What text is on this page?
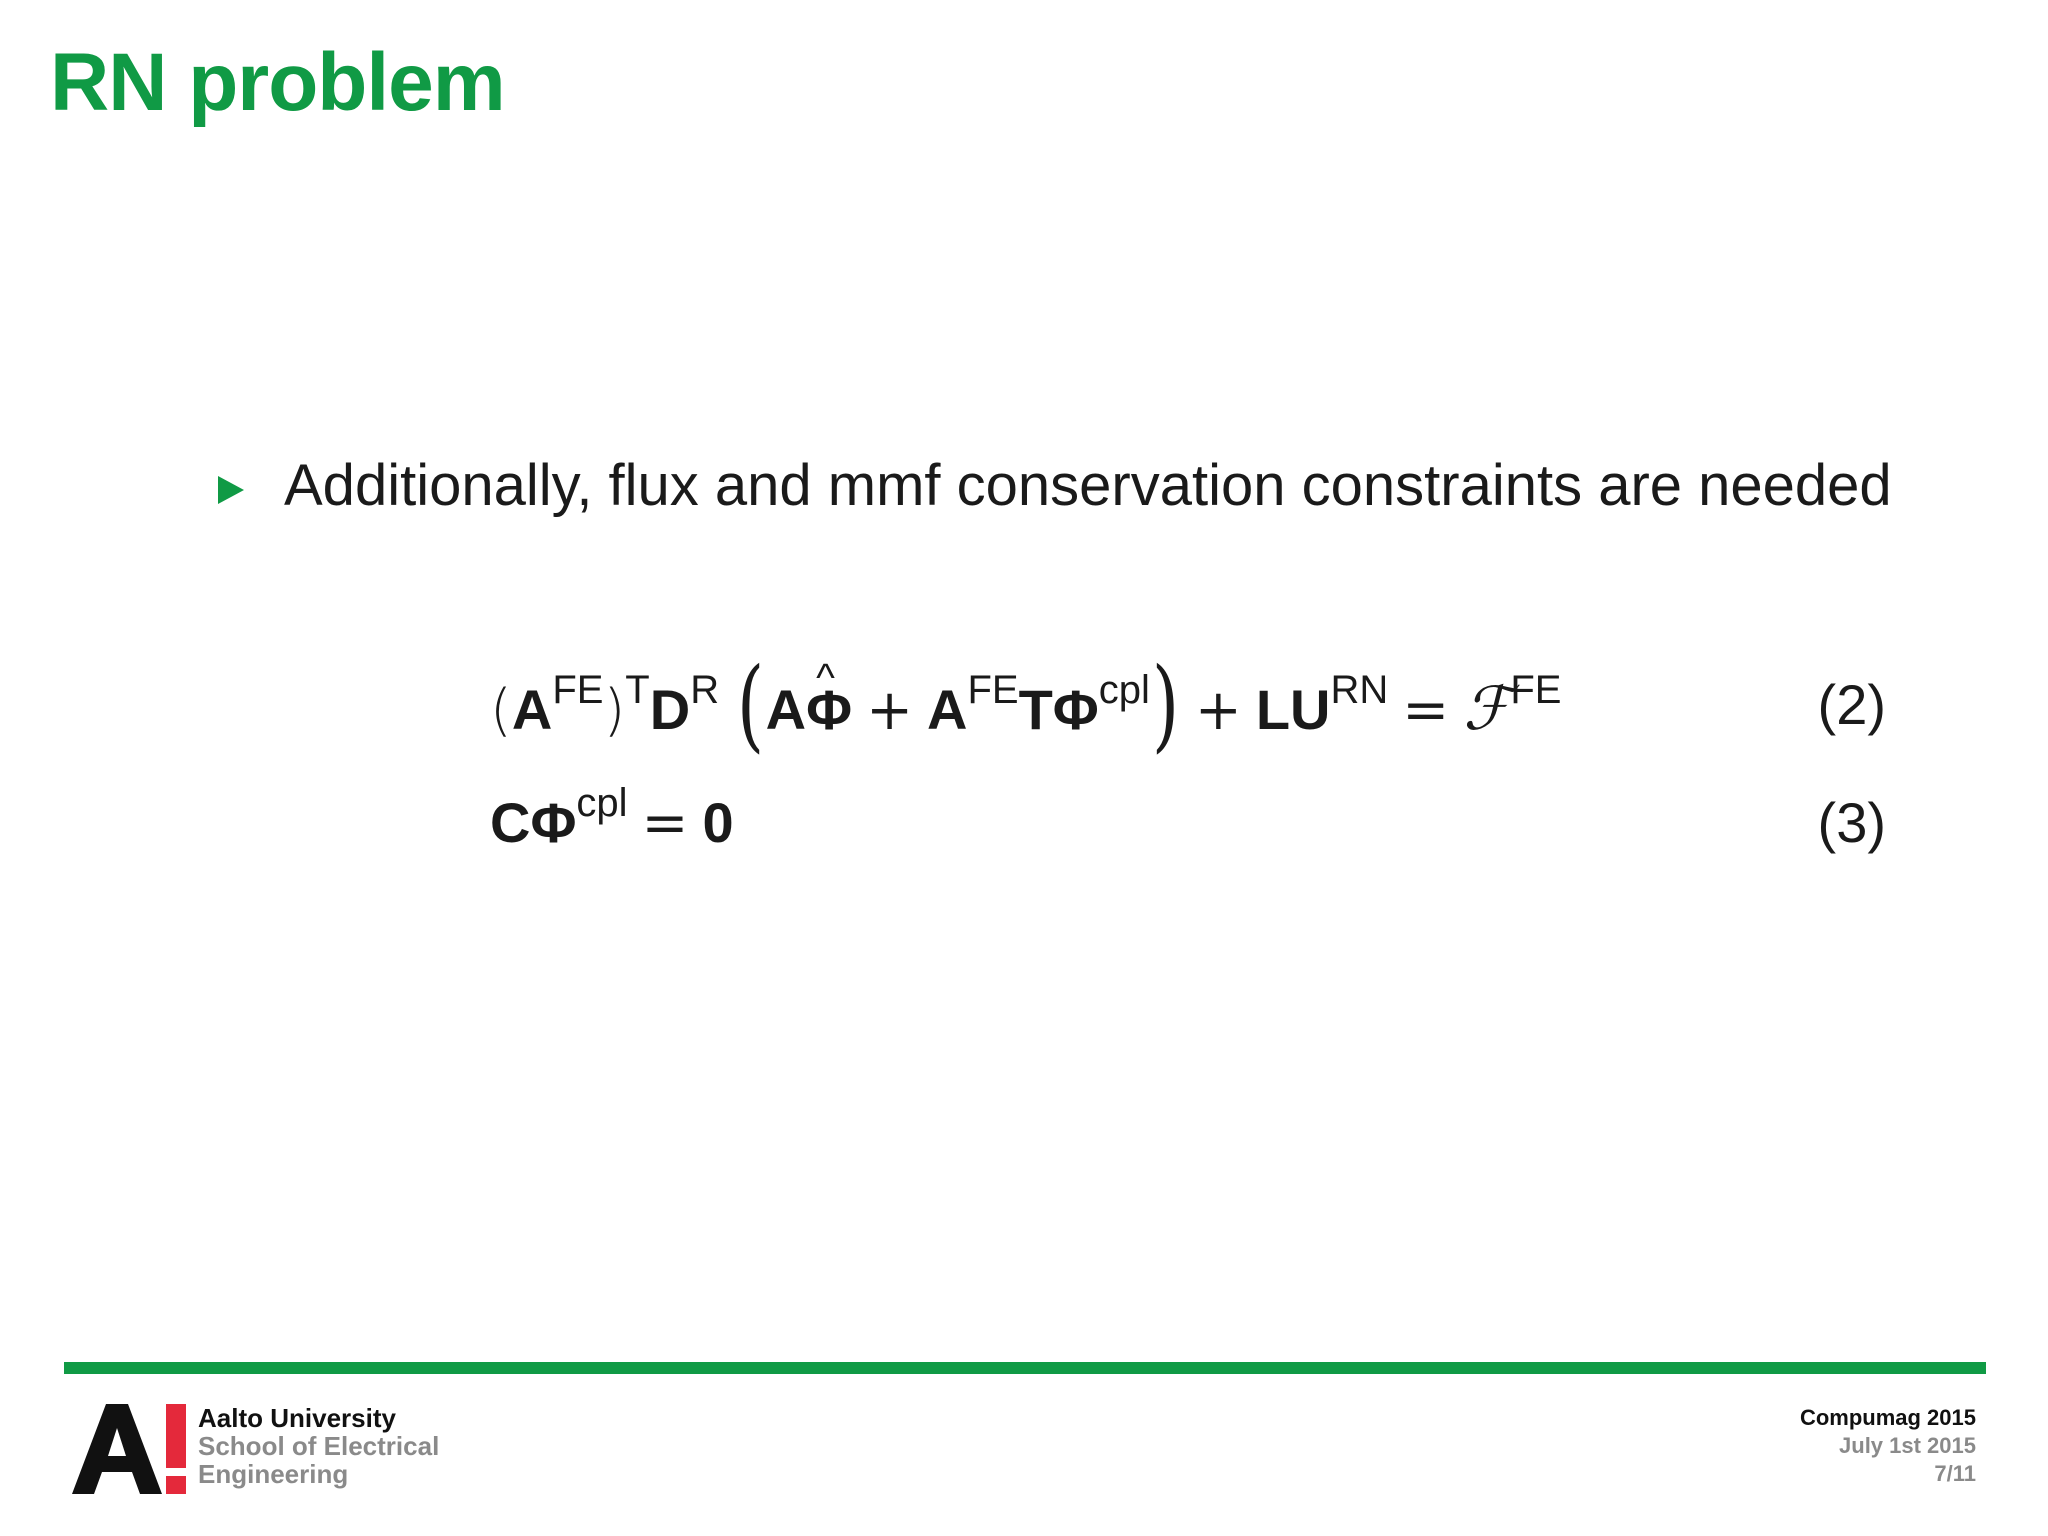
RN problem
Additionally, flux and mmf conservation constraints are needed
$(A^{FE})^TD^R$ (A^ $\Phi + A^{FE}T\Phi^{cpl}) + LU^{RN}$ = ℱ$^{FE}$	(2)
$C\Phi^{cpl} = 0$	(3)
Aalto University
School of Electrical
Engineering
Compumag 2015
July 1st 2015
7/11
